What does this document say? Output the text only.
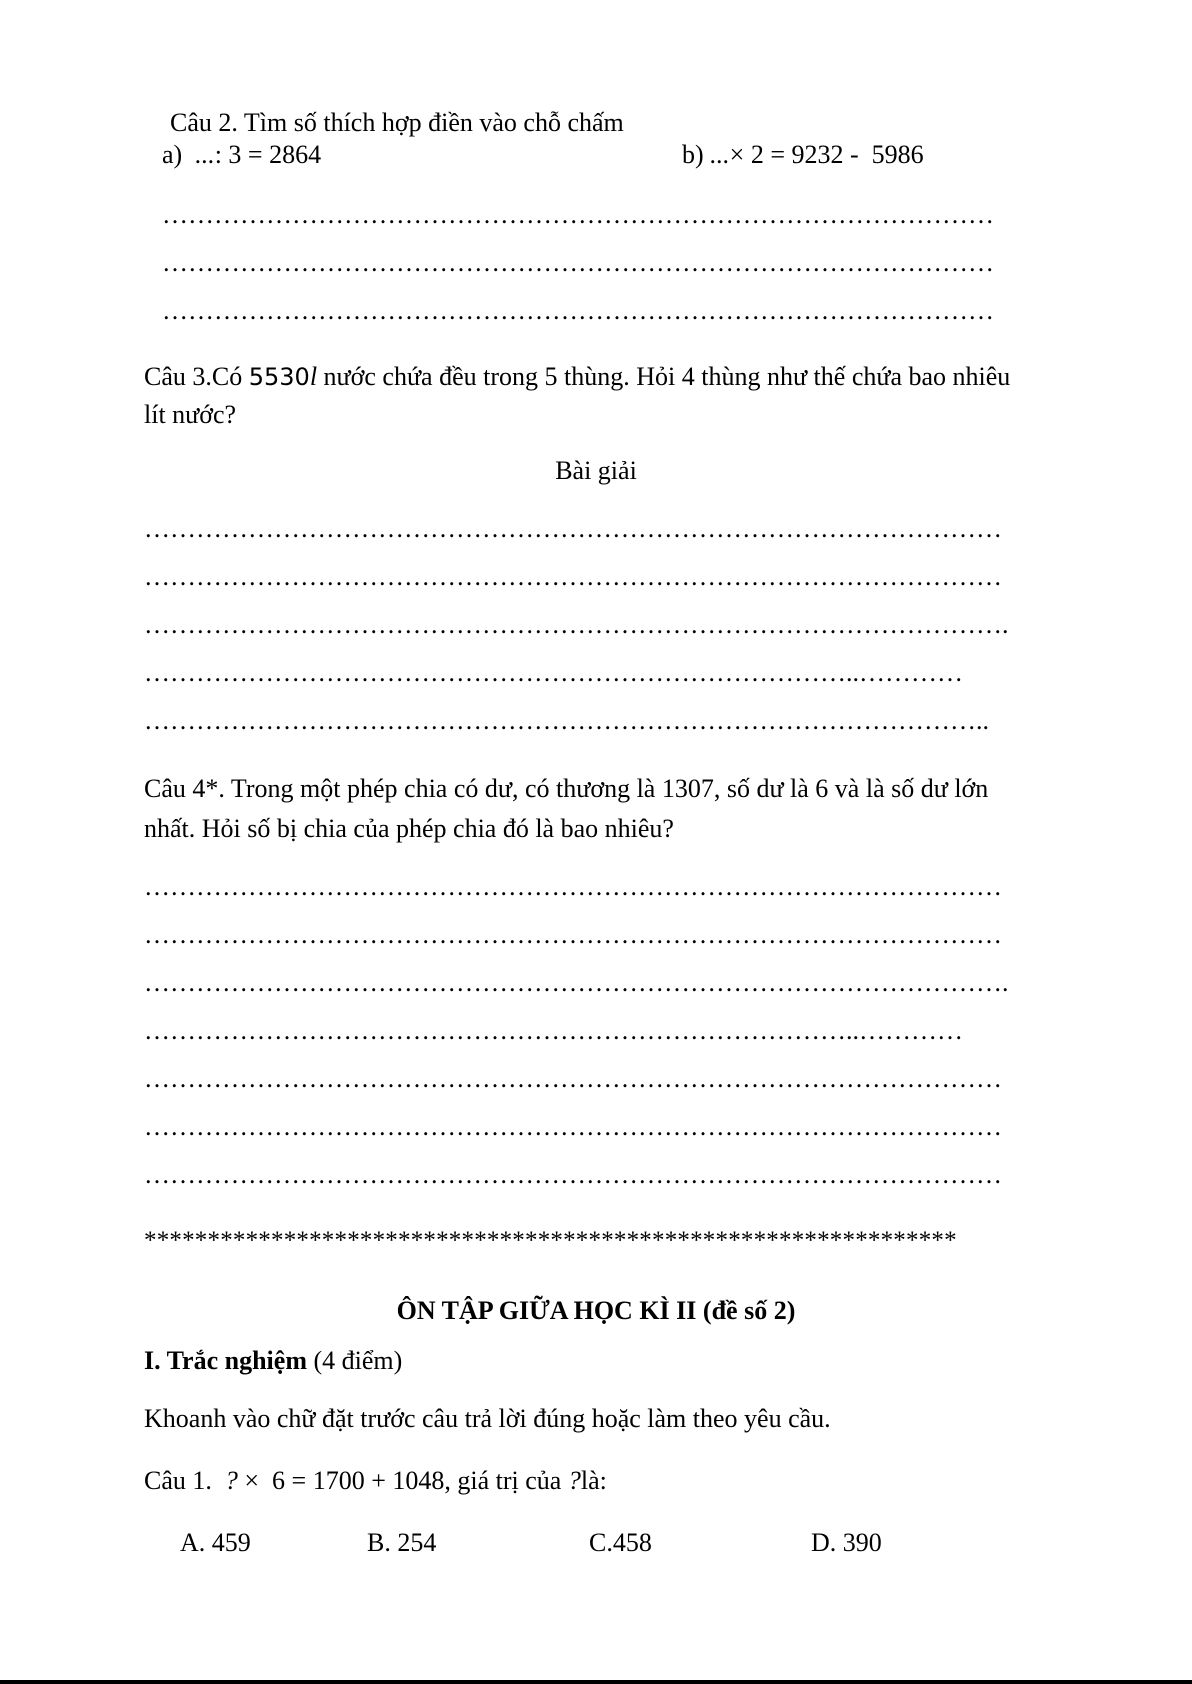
Câu 2. Tìm số thích hợp điền vào chỗ chấm

a) ...: 3 = 2864	b) ...× 2 = 9232 -  5986
……………………………………………………………………………………
……………………………………………………………………………………
……………………………………………………………………………………
Câu 3.Có 5530l nước chứa đều trong 5 thùng. Hỏi 4 thùng như thế chứa bao nhiêu
lít nước?
Bài giải
………………………………………………………………………………………
………………………………………………………………………………………
……………………………………………………………………………………….
………………………………………………………………………..…………
……………………………………………………………………………………..
Câu 4*. Trong một phép chia có dư, có thương là 1307, số dư là 6 và là số dư lớn
nhất. Hỏi số bị chia của phép chia đó là bao nhiêu?
………………………………………………………………………………………
………………………………………………………………………………………
……………………………………………………………………………………….
………………………………………………………………………..…………
………………………………………………………………………………………
………………………………………………………………………………………
………………………………………………………………………………………
****************************************************************
ÔN TẬP GIỮA HỌC KÌ II (đề số 2)
I. Trắc nghiệm (4 điểm)
Khoanh vào chữ đặt trước câu trả lời đúng hoặc làm theo yêu cầu.
Câu 1.  ? ×  6 = 1700 + 1048, giá trị của ?là:
A. 459	B. 254	C.458	D. 390
